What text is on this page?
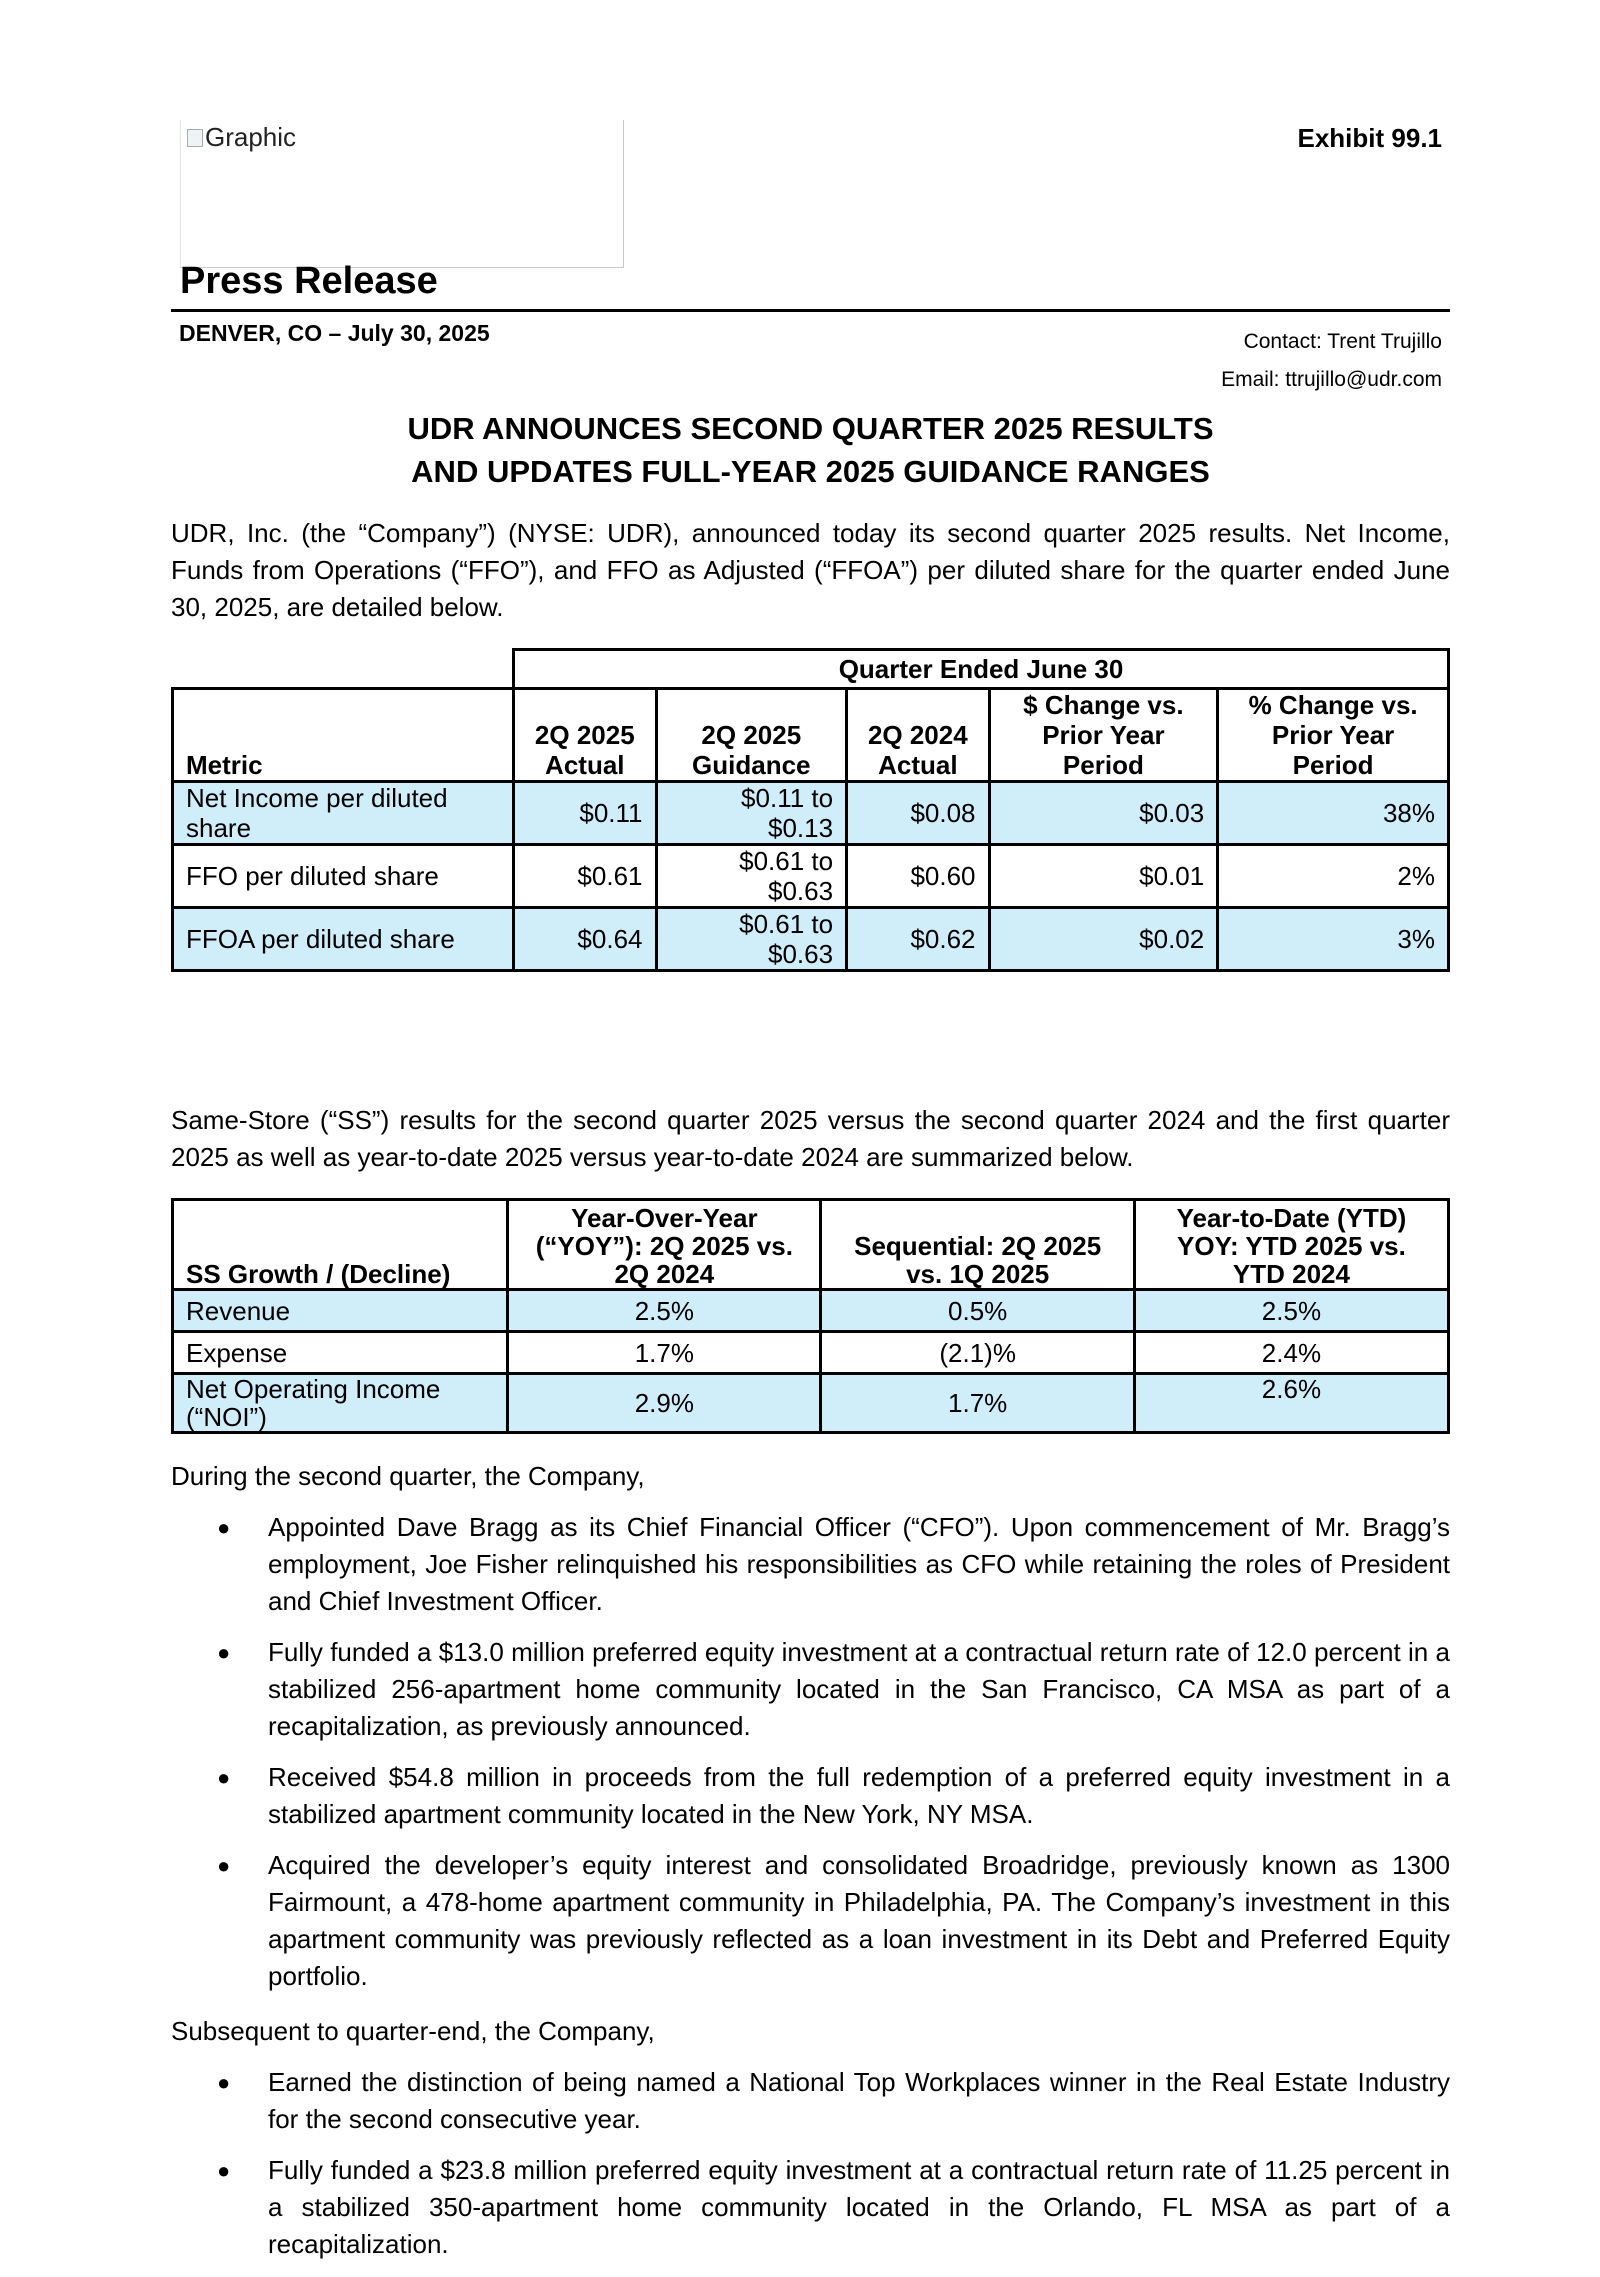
Graphic	Exhibit 99.1
Press Release
DENVER, CO – July 30, 2025	Contact: Trent Trujillo
Email: ttrujillo@udr.com
UDR ANNOUNCES SECOND QUARTER 2025 RESULTS
AND UPDATES FULL-YEAR 2025 GUIDANCE RANGES
UDR, Inc. (the “Company”) (NYSE: UDR), announced today its second quarter 2025 results. Net Income, Funds from Operations (“FFO”), and FFO as Adjusted (“FFOA”) per diluted share for the quarter ended June 30, 2025, are detailed below.
	Quarter Ended June 30				
Metric	2Q 2025 Actual	2Q 2025 Guidance	2Q 2024 Actual	$ Change vs. Prior Year Period	% Change vs. Prior Year Period
Net Income per diluted share	$0.11	$0.11 to $0.13	$0.08	$0.03	38%
FFO per diluted share	$0.61	$0.61 to $0.63	$0.60	$0.01	2%
FFOA per diluted share	$0.64	$0.61 to $0.63	$0.62	$0.02	3%
Same-Store (“SS”) results for the second quarter 2025 versus the second quarter 2024 and the first quarter 2025 as well as year-to-date 2025 versus year-to-date 2024 are summarized below.
SS Growth / (Decline)	Year-Over-Year (“YOY”): 2Q 2025 vs. 2Q 2024	Sequential: 2Q 2025 vs. 1Q 2025	Year-to-Date (YTD) YOY: YTD 2025 vs. YTD 2024
Revenue	2.5%	0.5%	2.5%
Expense	1.7%	(2.1)%	2.4%
Net Operating Income (“NOI”)	2.9%	1.7%	2.6%
During the second quarter, the Company,
● Appointed Dave Bragg as its Chief Financial Officer (“CFO”). Upon commencement of Mr. Bragg’s employment, Joe Fisher relinquished his responsibilities as CFO while retaining the roles of President and Chief Investment Officer.
● Fully funded a $13.0 million preferred equity investment at a contractual return rate of 12.0 percent in a stabilized 256-apartment home community located in the San Francisco, CA MSA as part of a recapitalization, as previously announced.
● Received $54.8 million in proceeds from the full redemption of a preferred equity investment in a stabilized apartment community located in the New York, NY MSA.
● Acquired the developer’s equity interest and consolidated Broadridge, previously known as 1300 Fairmount, a 478-home apartment community in Philadelphia, PA. The Company’s investment in this apartment community was previously reflected as a loan investment in its Debt and Preferred Equity portfolio.
Subsequent to quarter-end, the Company,
● Earned the distinction of being named a National Top Workplaces winner in the Real Estate Industry for the second consecutive year.
● Fully funded a $23.8 million preferred equity investment at a contractual return rate of 11.25 percent in a stabilized 350-apartment home community located in the Orlando, FL MSA as part of a recapitalization.
